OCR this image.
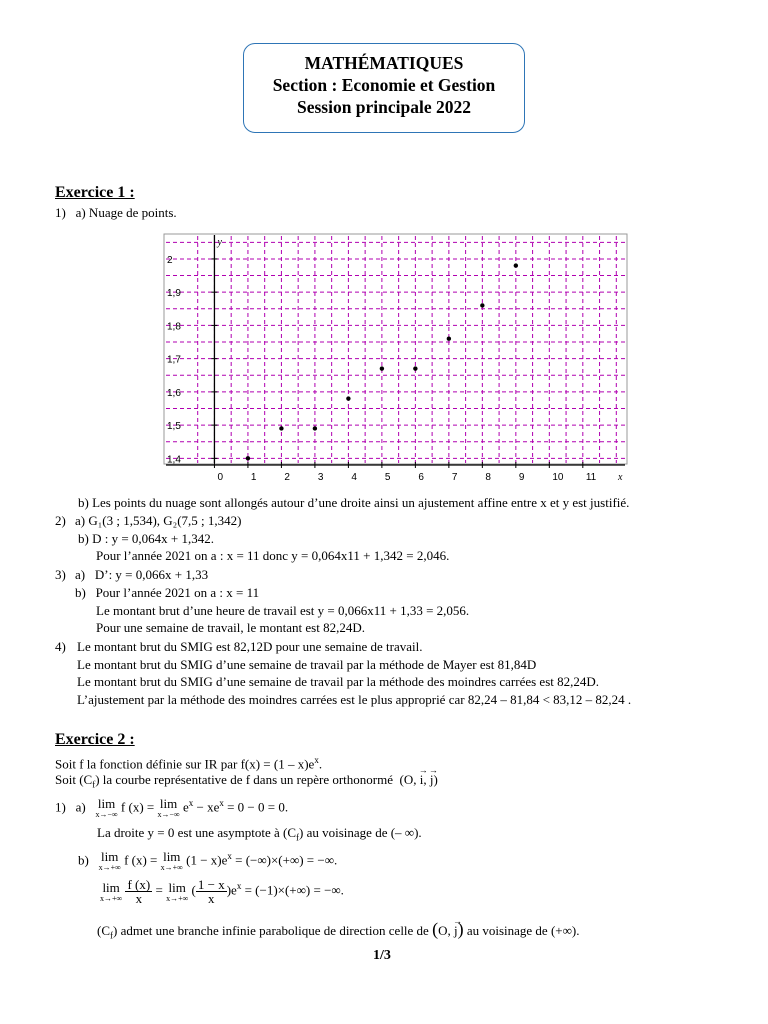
MATHÉMATIQUES
Section : Economie et Gestion
Session principale 2022
Exercice 1 :
1)   a) Nuage de points.
0	1	2	3	4	5	6	7	8	9	10 11 x
1,4
1,5
1,6
1,7
1,8
1,9
2
y
b) Les points du nuage sont allongés autour d’une droite ainsi un ajustement affine entre x et y est justifié.
2) a) G₁(3 ; 1,534), G₂(7,5 ; 1,342)
b) D : y = 0,064x + 1,342.
Pour l’année 2021 on a : x = 11 donc y = 0,064x11 + 1,342 = 2,046.
3) a)   D’: y = 0,066x + 1,33
b)   Pour l’année 2021 on a : x = 11
Le montant brut d’une heure de travail est y = 0,066x11 + 1,33 = 2,056.
Pour une semaine de travail, le montant est 82,24D.
4) Le montant brut du SMIG est 82,12D pour une semaine de travail.
Le montant brut du SMIG d’une semaine de travail par la méthode de Mayer est 81,84D
Le montant brut du SMIG d’une semaine de travail par la méthode des moindres carrées est 82,24D.
L’ajustement par la méthode des moindres carrées est le plus approprié car 82,24 – 81,84 < 83,12 – 82,24 .
Exercice 2 :
Soit f la fonction définie sur IR par $f(x) = (1 - x)e^x$.
Soit $(C_f)$ la courbe représentative de f dans un repère orthonormé  (O, → i, → j)
1)   a) lim
x→−∞
f (x) = lim
x→−∞
$e^x - xe^x = 0 - 0 = 0$.
La droite y = 0 est une asymptote à $(C_f)$ au voisinage de (– ∞).
b) lim
x→+∞
f (x) = lim
x→+∞
$(1 - x)e^x$ = (−∞)×(+∞) = −∞.
lim
x→+∞
$\frac{f (x)}{x} = \lim$
x→+∞
( $\frac{1 - x}{x} )e^x = (-1)\times(+\infty)$ = −∞.
$(C_f)$ admet une branche infinie parabolique de direction celle de (O, → j) au voisinage de (+∞).
1/3
